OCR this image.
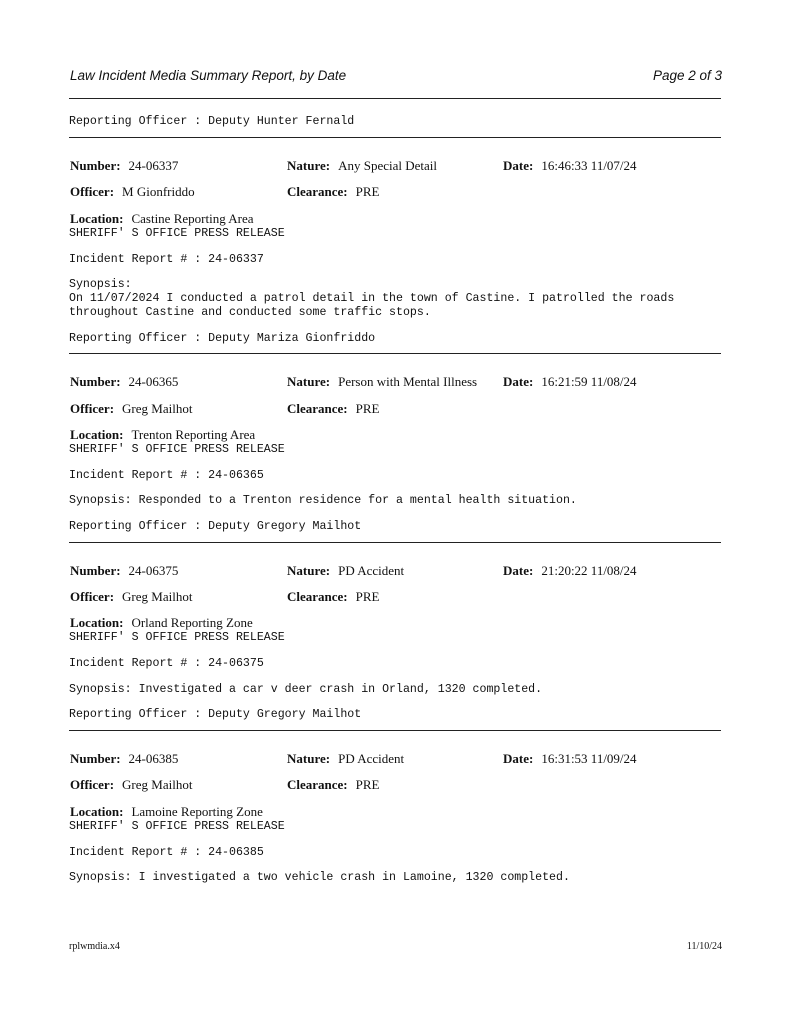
Law Incident Media Summary Report, by Date	Page 2 of 3
Reporting Officer : Deputy Hunter Fernald
Number: 24-06337	Nature: Any Special Detail	Date: 16:46:33 11/07/24
Officer: M Gionfriddo	Clearance: PRE
Location: Castine Reporting Area
SHERIFF' S OFFICE PRESS RELEASE
Incident Report # : 24-06337
Synopsis:
On 11/07/2024 I conducted a patrol detail in the town of Castine. I patrolled the roads
throughout Castine and conducted some traffic stops.
Reporting Officer : Deputy Mariza Gionfriddo
Number: 24-06365	Nature: Person with Mental Illness Date: 16:21:59 11/08/24
Officer: Greg Mailhot	Clearance: PRE
Location: Trenton Reporting Area
SHERIFF' S OFFICE PRESS RELEASE
Incident Report # : 24-06365
Synopsis: Responded to a Trenton residence for a mental health situation.
Reporting Officer : Deputy Gregory Mailhot
Number: 24-06375	Nature: PD Accident	Date: 21:20:22 11/08/24
Officer: Greg Mailhot	Clearance: PRE
Location: Orland Reporting Zone
SHERIFF' S OFFICE PRESS RELEASE
Incident Report # : 24-06375
Synopsis: Investigated a car v deer crash in Orland, 1320 completed.
Reporting Officer : Deputy Gregory Mailhot
Number: 24-06385	Nature: PD Accident	Date: 16:31:53 11/09/24
Officer: Greg Mailhot	Clearance: PRE
Location: Lamoine Reporting Zone
SHERIFF' S OFFICE PRESS RELEASE
Incident Report # : 24-06385
Synopsis: I investigated a two vehicle crash in Lamoine, 1320 completed.
rplwmdia.x4	11/10/24
